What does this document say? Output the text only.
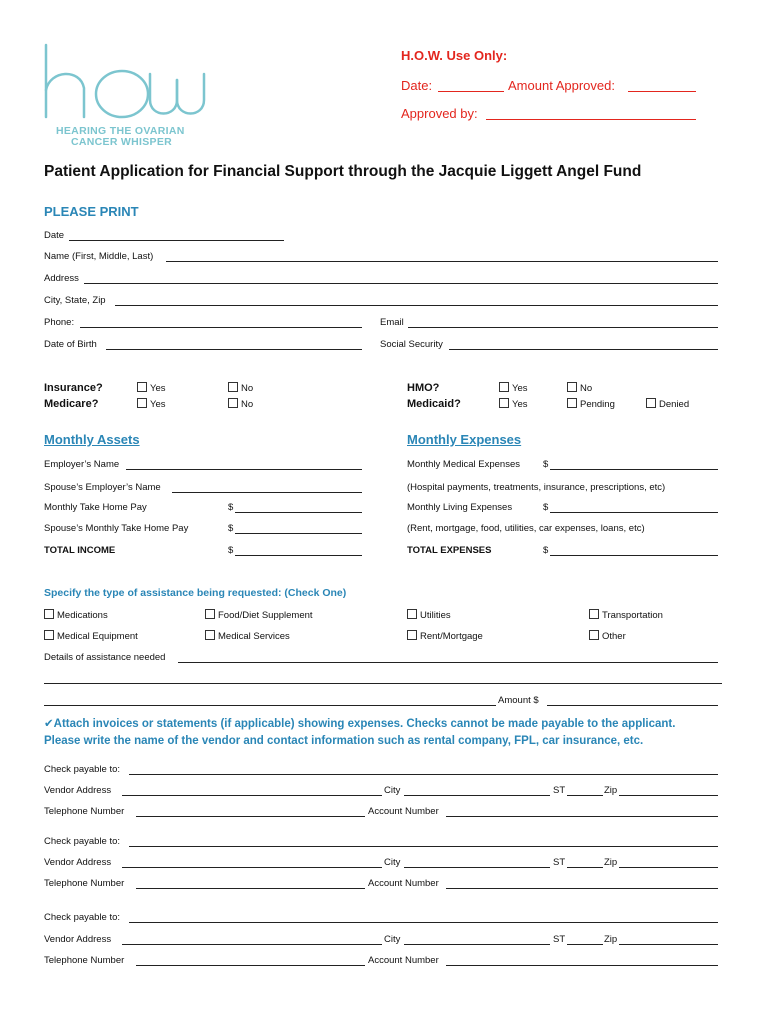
HEARING THE OVARIAN
CANCER WHISPER
H.O.W. Use Only:
Date:	Amount Approved:
Approved by:
Patient Application for Financial Support through the Jacquie Liggett Angel Fund
PLEASE PRINT
Date
Name (First, Middle, Last)
Address
City, State, Zip
Phone:	Email
Date of Birth	Social Security
Insurance?	Yes	No
Medicare?	Yes	No
HMO?	Yes	No
Medicaid?	Yes	Pending	Denied
Monthly Assets
Employer’s Name
Spouse’s Employer’s Name
Monthly Take Home Pay	$
Spouse’s Monthly Take Home Pay	$
TOTAL INCOME	$
Monthly Expenses
Monthly Medical Expenses $
(Hospital payments, treatments, insurance, prescriptions, etc)
Monthly Living Expenses	$
(Rent, mortgage, food, utilities, car expenses, loans, etc)
TOTAL EXPENSES	$
Specify the type of assistance being requested: (Check One)
Medications	Food/Diet Supplement	Utilities	Transportation
Medical Equipment	Medical Services	Rent/Mortgage	Other
Details of assistance needed
Amount $
✔Attach invoices or statements (if applicable) showing expenses. Checks cannot be made payable to the applicant.
Please write the name of the vendor and contact information such as rental company, FPL, car insurance, etc.
Check payable to:
Vendor Address	City	ST	Zip
Telephone Number	Account Number
Check payable to:
Vendor Address	City	ST	Zip
Telephone Number	Account Number
Check payable to:
Vendor Address	City	ST	Zip
Telephone Number	Account Number
